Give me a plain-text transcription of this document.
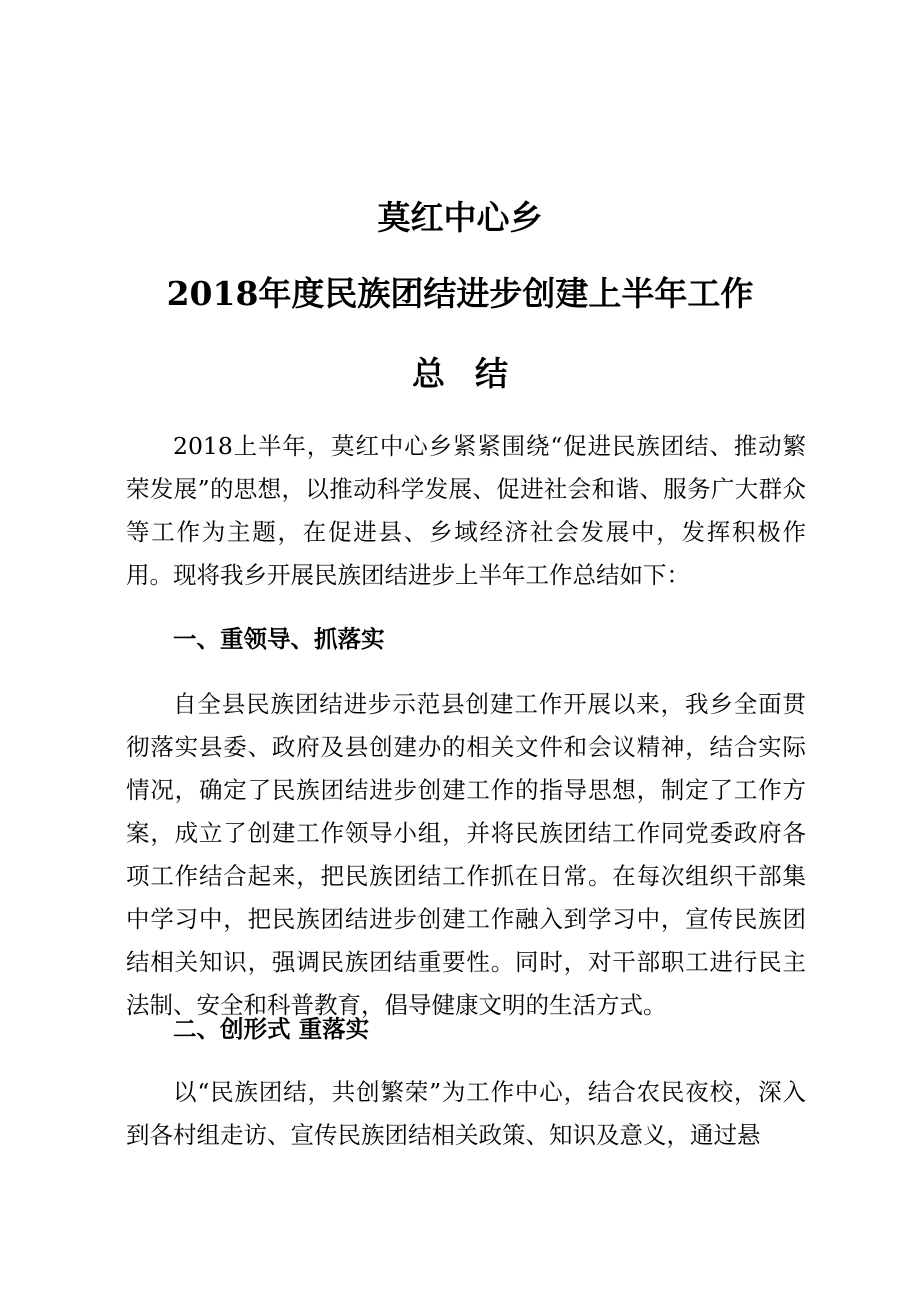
莫红中心乡
2018年度民族团结进步创建上半年工作
总结
2018上半年，莫红中心乡紧紧围绕“促进民族团结、推动繁荣发展”的思想，以推动科学发展、促进社会和谐、服务广大群众等工作为主题，在促进县、乡域经济社会发展中，发挥积极作用。现将我乡开展民族团结进步上半年工作总结如下：
一、重领导、抓落实
自全县民族团结进步示范县创建工作开展以来，我乡全面贯彻落实县委、政府及县创建办的相关文件和会议精神，结合实际情况，确定了民族团结进步创建工作的指导思想，制定了工作方案，成立了创建工作领导小组，并将民族团结工作同党委政府各项工作结合起来，把民族团结工作抓在日常。在每次组织干部集中学习中，把民族团结进步创建工作融入到学习中，宣传民族团结相关知识，强调民族团结重要性。同时，对干部职工进行民主法制、安全和科普教育，倡导健康文明的生活方式。
二、创形式 重落实
以“民族团结，共创繁荣”为工作中心，结合农民夜校，深入到各村组走访、宣传民族团结相关政策、知识及意义，通过悬
